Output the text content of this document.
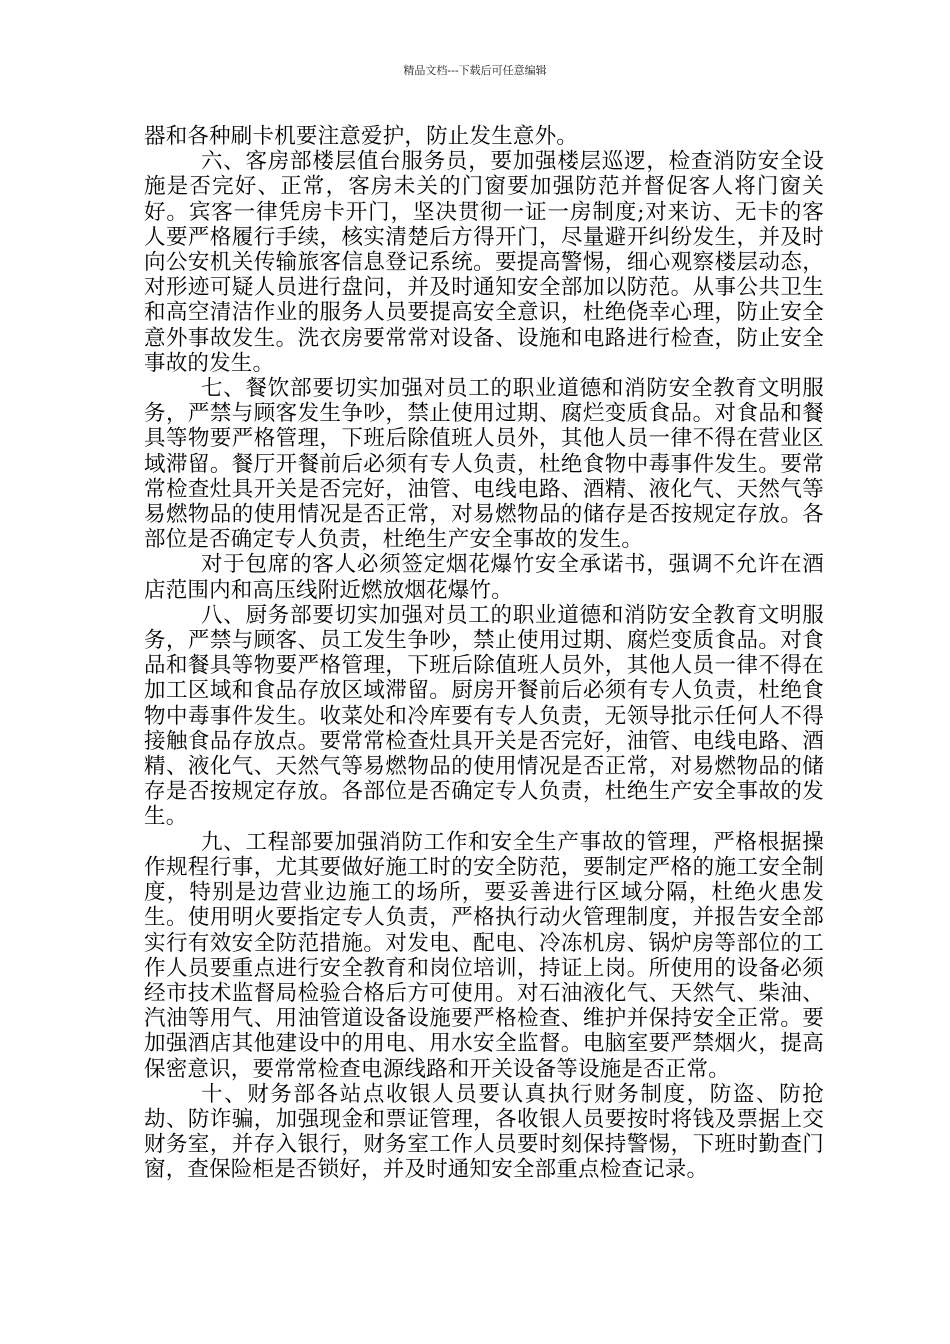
精品文档---下载后可任意编辑

器和各种刷卡机要注意爱护，防止发生意外。

六、客房部楼层值台服务员，要加强楼层巡逻，检查消防安全设施是否完好、正常，客房未关的门窗要加强防范并督促客人将门窗关好。宾客一律凭房卡开门，坚决贯彻一证一房制度;对来访、无卡的客人要严格履行手续，核实清楚后方得开门，尽量避开纠纷发生，并及时向公安机关传输旅客信息登记系统。要提高警惕，细心观察楼层动态，对形迹可疑人员进行盘问，并及时通知安全部加以防范。从事公共卫生和高空清洁作业的服务人员要提高安全意识，杜绝侥幸心理，防止安全意外事故发生。洗衣房要常常对设备、设施和电路进行检查，防止安全事故的发生。

七、餐饮部要切实加强对员工的职业道德和消防安全教育文明服务，严禁与顾客发生争吵，禁止使用过期、腐烂变质食品。对食品和餐具等物要严格管理，下班后除值班人员外，其他人员一律不得在营业区域滞留。餐厅开餐前后必须有专人负责，杜绝食物中毒事件发生。要常常检查灶具开关是否完好，油管、电线电路、酒精、液化气、天然气等易燃物品的使用情况是否正常，对易燃物品的储存是否按规定存放。各部位是否确定专人负责，杜绝生产安全事故的发生。

对于包席的客人必须签定烟花爆竹安全承诺书，强调不允许在酒店范围内和高压线附近燃放烟花爆竹。

八、厨务部要切实加强对员工的职业道德和消防安全教育文明服务，严禁与顾客、员工发生争吵，禁止使用过期、腐烂变质食品。对食品和餐具等物要严格管理，下班后除值班人员外，其他人员一律不得在加工区域和食品存放区域滞留。厨房开餐前后必须有专人负责，杜绝食物中毒事件发生。收菜处和冷库要有专人负责，无领导批示任何人不得接触食品存放点。要常常检查灶具开关是否完好，油管、电线电路、酒精、液化气、天然气等易燃物品的使用情况是否正常，对易燃物品的储存是否按规定存放。各部位是否确定专人负责，杜绝生产安全事故的发生。

九、工程部要加强消防工作和安全生产事故的管理，严格根据操作规程行事，尤其要做好施工时的安全防范，要制定严格的施工安全制度，特别是边营业边施工的场所，要妥善进行区域分隔，杜绝火患发生。使用明火要指定专人负责，严格执行动火管理制度，并报告安全部实行有效安全防范措施。对发电、配电、冷冻机房、锅炉房等部位的工作人员要重点进行安全教育和岗位培训，持证上岗。所使用的设备必须经市技术监督局检验合格后方可使用。对石油液化气、天然气、柴油、汽油等用气、用油管道设备设施要严格检查、维护并保持安全正常。要加强酒店其他建设中的用电、用水安全监督。电脑室要严禁烟火，提高保密意识，要常常检查电源线路和开关设备等设施是否正常。

十、财务部各站点收银人员要认真执行财务制度，防盗、防抢劫、防诈骗，加强现金和票证管理，各收银人员要按时将钱及票据上交财务室，并存入银行，财务室工作人员要时刻保持警惕，下班时勤查门窗，查保险柜是否锁好，并及时通知安全部重点检查记录。
